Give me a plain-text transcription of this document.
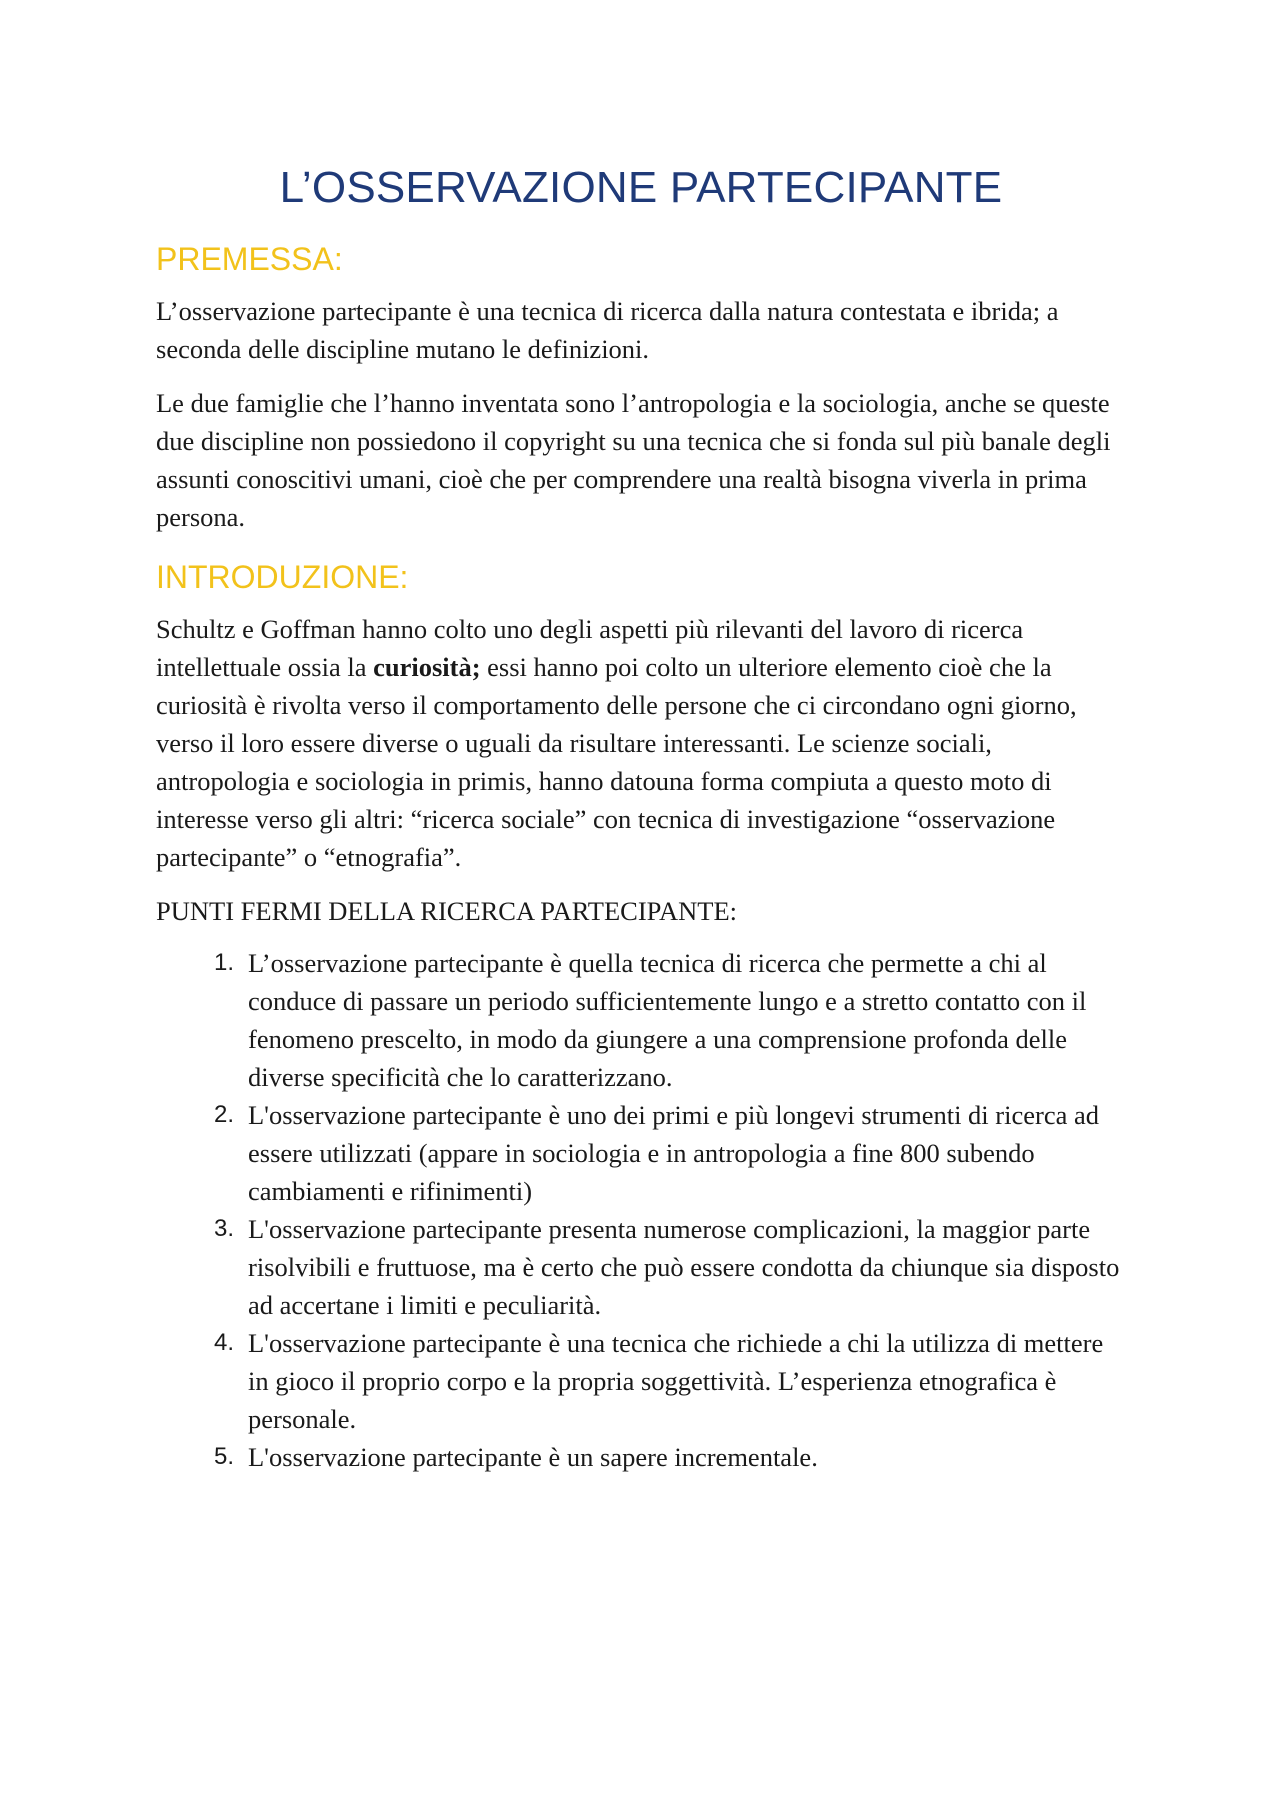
L’OSSERVAZIONE PARTECIPANTE
PREMESSA:

L’osservazione partecipante è una tecnica di ricerca dalla natura contestata e ibrida; a seconda delle discipline mutano le definizioni.

Le due famiglie che l’hanno inventata sono l’antropologia e la sociologia, anche se queste due discipline non possiedono il copyright su una tecnica che si fonda sul più banale degli assunti conoscitivi umani, cioè che per comprendere una realtà bisogna viverla in prima persona.

INTRODUZIONE:

Schultz e Goffman hanno colto uno degli aspetti più rilevanti del lavoro di ricerca intellettuale ossia la curiosità; essi hanno poi colto un ulteriore elemento cioè che la curiosità è rivolta verso il comportamento delle persone che ci circondano ogni giorno, verso il loro essere diverse o uguali da risultare interessanti. Le scienze sociali, antropologia e sociologia in primis, hanno datouna forma compiuta a questo moto di interesse verso gli altri: “ricerca sociale” con tecnica di investigazione “osservazione partecipante” o “etnografia”.

PUNTI FERMI DELLA RICERCA PARTECIPANTE:

1. L’osservazione partecipante è quella tecnica di ricerca che permette a chi al conduce di passare un periodo sufficientemente lungo e a stretto contatto con il fenomeno prescelto, in modo da giungere a una comprensione profonda delle diverse specificità che lo caratterizzano.
2. L'osservazione partecipante è uno dei primi e più longevi strumenti di ricerca ad essere utilizzati (appare in sociologia e in antropologia a fine 800 subendo cambiamenti e rifinimenti)
3. L'osservazione partecipante presenta numerose complicazioni, la maggior parte risolvibili e fruttuose, ma è certo che può essere condotta da chiunque sia disposto ad accertane i limiti e peculiarità.
4. L'osservazione partecipante è una tecnica che richiede a chi la utilizza di mettere in gioco il proprio corpo e la propria soggettività. L’esperienza etnografica è personale.
5. L'osservazione partecipante è un sapere incrementale.
